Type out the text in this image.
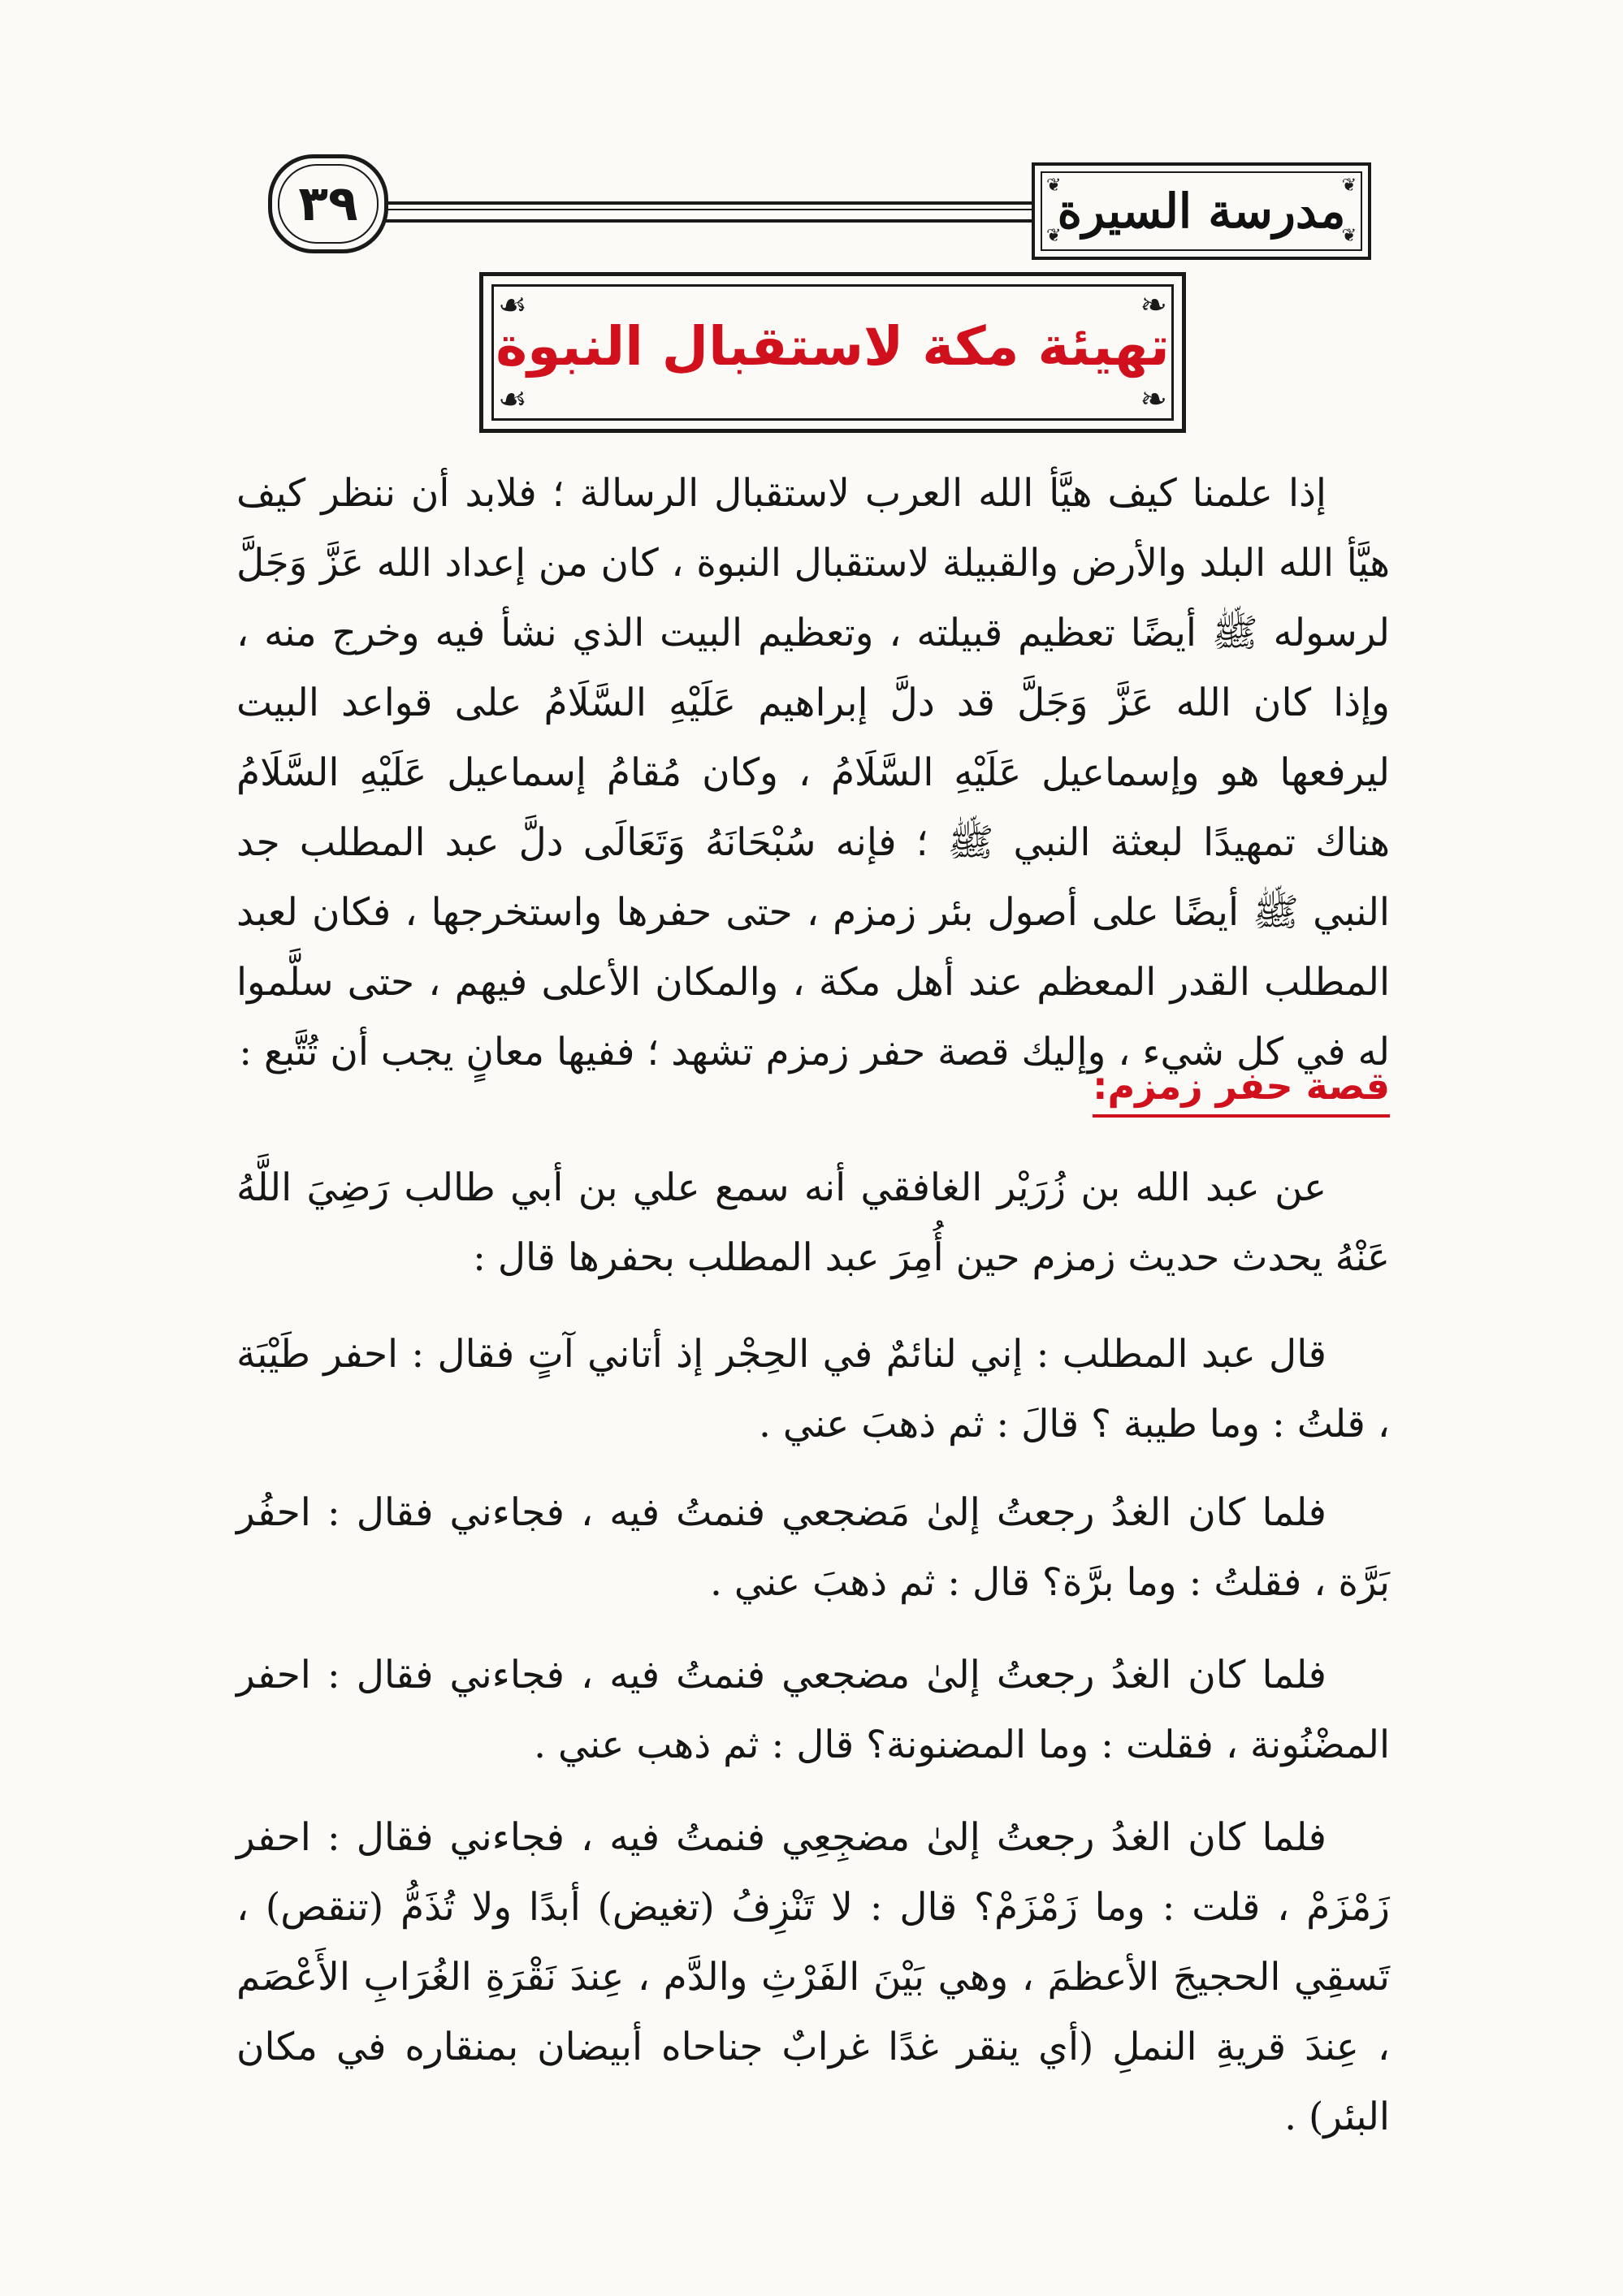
٣٩	❦
❦
❦
❦
مدرسة السيرة
❧
☙
❧
☙
تهيئة مكة لاستقبال النبوة

إذا علمنا كيف هيَّأ الله العرب لاستقبال الرسالة ؛ فلابد أن ننظر كيف هيَّأ الله البلد والأرض والقبيلة لاستقبال النبوة ، كان من إعداد الله عَزَّ وَجَلَّ لرسوله ﷺ أيضًا تعظيم قبيلته ، وتعظيم البيت الذي نشأ فيه وخرج منه ، وإذا كان الله عَزَّ وَجَلَّ قد دلَّ إبراهيم عَلَيْهِ السَّلَامُ على قواعد البيت ليرفعها هو وإسماعيل عَلَيْهِ السَّلَامُ ، وكان مُقامُ إسماعيل عَلَيْهِ السَّلَامُ هناك تمهيدًا لبعثة النبي ﷺ ؛ فإنه سُبْحَانَهُ وَتَعَالَى دلَّ عبد المطلب جد النبي ﷺ أيضًا على أصول بئر زمزم ، حتى حفرها واستخرجها ، فكان لعبد المطلب القدر المعظم عند أهل مكة ، والمكان الأعلى فيهم ، حتى سلَّموا له في كل شيء ، وإليك قصة حفر زمزم تشهد ؛ ففيها معانٍ يجب أن تُتَّبع :

قصة حفر زمزم:

عن عبد الله بن زُرَيْر الغافقي أنه سمع علي بن أبي طالب رَضِيَ اللَّهُ عَنْهُ يحدث حديث زمزم حين أُمِرَ عبد المطلب بحفرها قال :

قال عبد المطلب : إني لنائمٌ في الحِجْر إذ أتاني آتٍ فقال : احفر طَيْبَة ، قلتُ : وما طيبة ؟ قالَ : ثم ذهبَ عني .

فلما كان الغدُ رجعتُ إلىٰ مَضجعي فنمتُ فيه ، فجاءني فقال : احفُر بَرَّة ، فقلتُ : وما برَّة؟ قال : ثم ذهبَ عني .

فلما كان الغدُ رجعتُ إلىٰ مضجعي فنمتُ فيه ، فجاءني فقال : احفر المضْنُونة ، فقلت : وما المضنونة؟ قال : ثم ذهب عني .

فلما كان الغدُ رجعتُ إلىٰ مضجِعِي فنمتُ فيه ، فجاءني فقال : احفر زَمْزَمْ ، قلت : وما زَمْزَمْ؟ قال : لا تَنْزِفُ (تغيض) أبدًا ولا تُذَمُّ (تنقص) ، تَسقِي الحجيجَ الأعظمَ ، وهي بَيْنَ الفَرْثِ والدَّم ، عِندَ نَقْرَةِ الغُرَابِ الأَعْصَم ، عِندَ قريةِ النملِ (أي ينقر غدًا غرابٌ جناحاه أبيضان بمنقاره في مكان البئر) .
